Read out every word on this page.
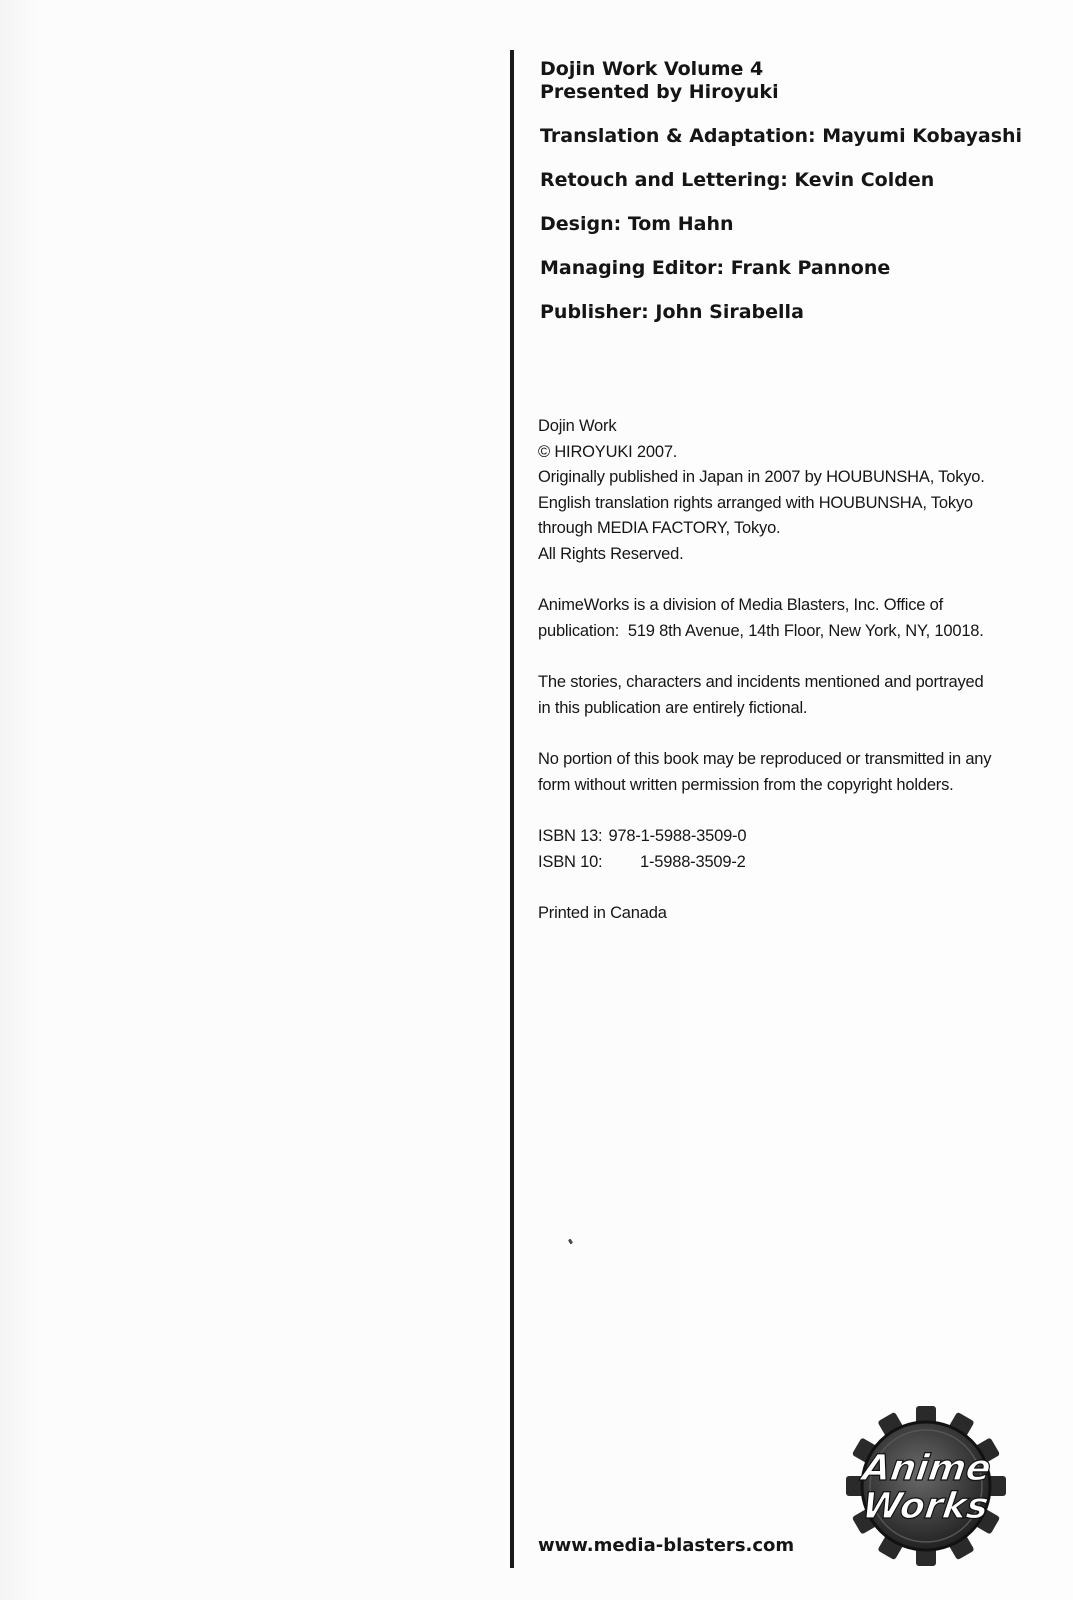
Dojin Work Volume 4
Presented by Hiroyuki
Translation & Adaptation: Mayumi Kobayashi
Retouch and Lettering: Kevin Colden
Design: Tom Hahn
Managing Editor: Frank Pannone
Publisher: John Sirabella
Dojin Work
© HIROYUKI 2007.
Originally published in Japan in 2007 by HOUBUNSHA, Tokyo.
English translation rights arranged with HOUBUNSHA, Tokyo
through MEDIA FACTORY, Tokyo.
All Rights Reserved.
AnimeWorks is a division of Media Blasters, Inc. Office of
publication:  519 8th Avenue, 14th Floor, New York, NY, 10018.
The stories, characters and incidents mentioned and portrayed
in this publication are entirely fictional.
No portion of this book may be reproduced or transmitted in any
form without written permission from the copyright holders.
ISBN 13: 978-1-5988-3509-0
ISBN 10: 1-5988-3509-2
Printed in Canada
www.media-blasters.com
Anime
Works
